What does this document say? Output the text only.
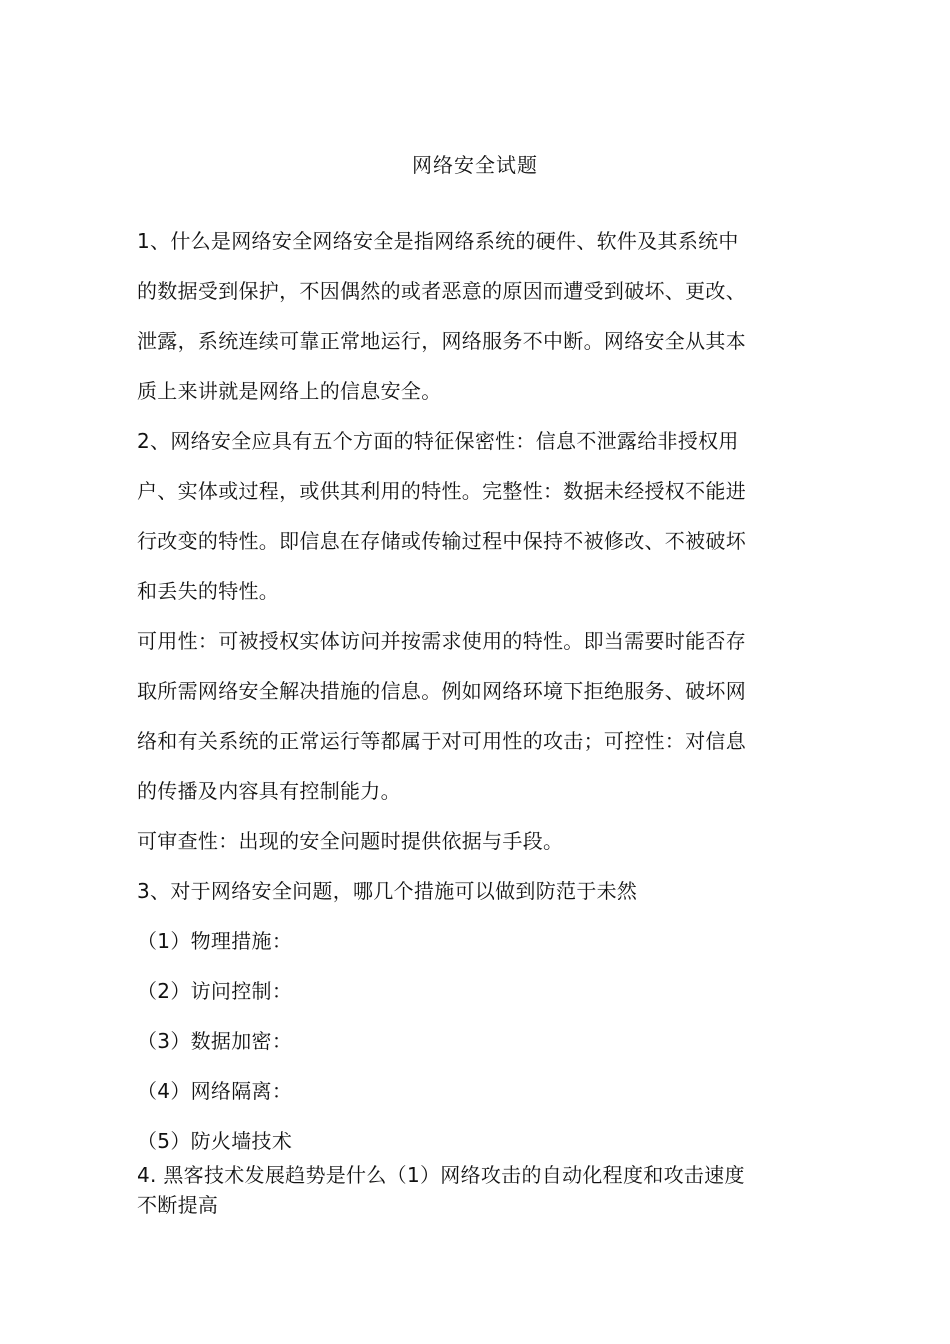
网络安全试题
1、什么是网络安全网络安全是指网络系统的硬件、软件及其系统中
的数据受到保护，不因偶然的或者恶意的原因而遭受到破坏、更改、
泄露，系统连续可靠正常地运行，网络服务不中断。网络安全从其本
质上来讲就是网络上的信息安全。
2、网络安全应具有五个方面的特征保密性：信息不泄露给非授权用
户、实体或过程，或供其利用的特性。完整性：数据未经授权不能进
行改变的特性。即信息在存储或传输过程中保持不被修改、不被破坏
和丢失的特性。
可用性：可被授权实体访问并按需求使用的特性。即当需要时能否存
取所需网络安全解决措施的信息。例如网络环境下拒绝服务、破坏网
络和有关系统的正常运行等都属于对可用性的攻击；可控性：对信息
的传播及内容具有控制能力。
可审查性：出现的安全问题时提供依据与手段。
3、对于网络安全问题，哪几个措施可以做到防范于未然
（1）物理措施：
（2）访问控制：
（3）数据加密：
（4）网络隔离：
（5）防火墙技术
4. 黑客技术发展趋势是什么（1）网络攻击的自动化程度和攻击速度
不断提高
